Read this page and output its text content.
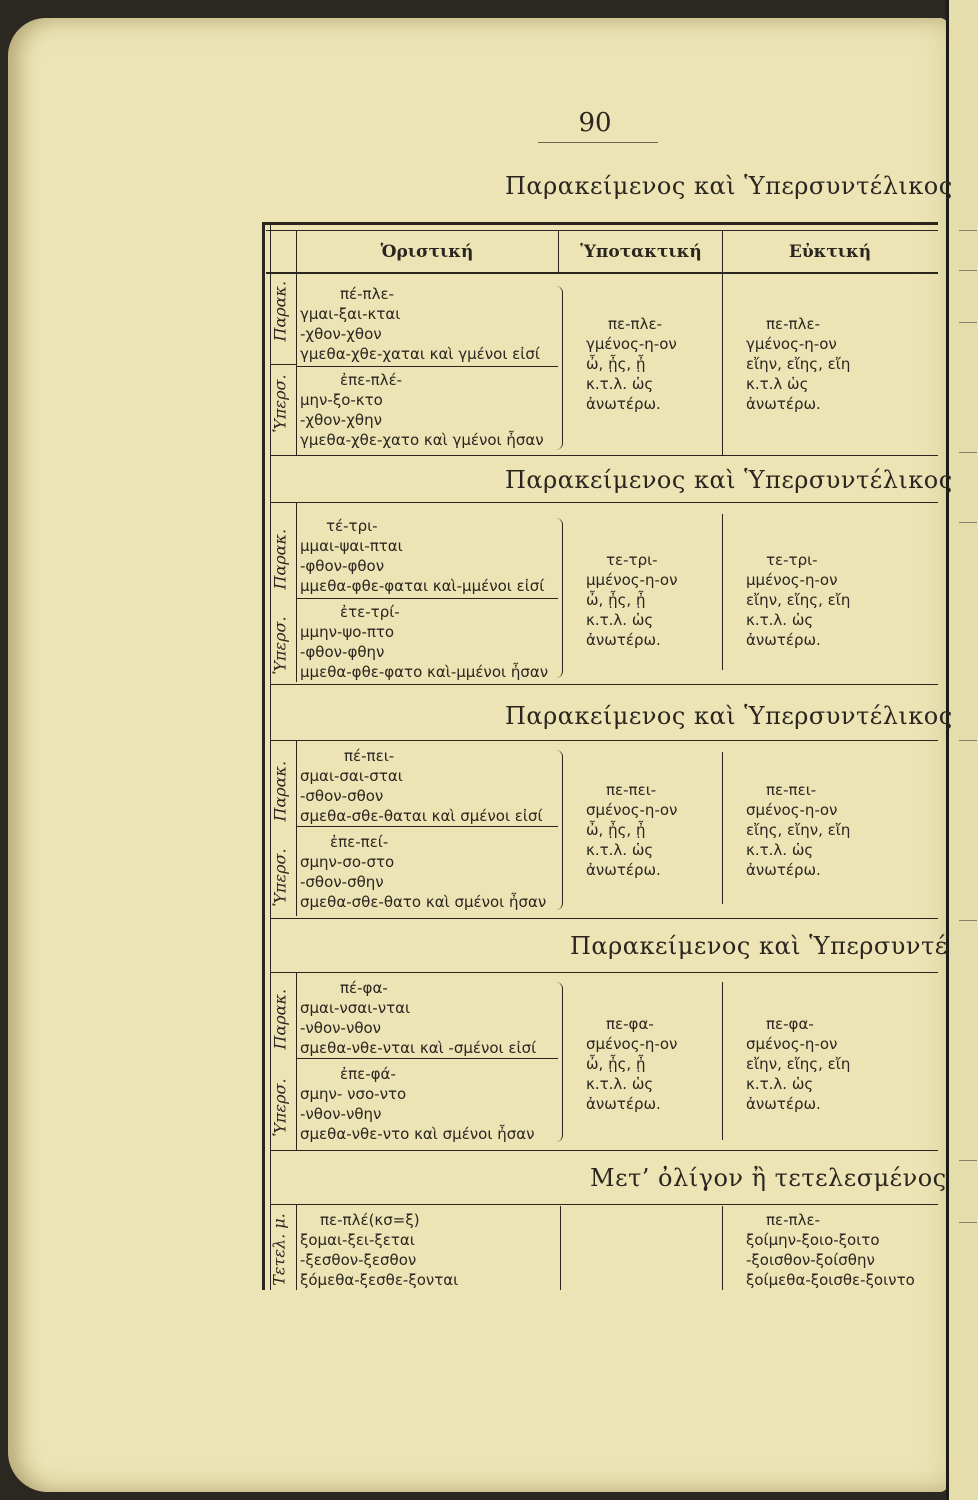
90
Παρακείμενος καὶ Ὑπερσυντέλικος
Ὁριστική	Ὑποτακτική	Εὐκτική
Παρακ.
Ὑπερσ.
πέ-πλε-
γμαι-ξαι-κται
-χθον-χθον
γμεθα-χθε-χαται καὶ γμένοι εἰσί
ἐπε-πλέ-
μην-ξο-κτο
-χθον-χθην
γμεθα-χθε-χατο καὶ γμένοι ἦσαν
πε-πλε-
γμένος-η-ον
ὦ, ᾖς, ᾖ
κ.τ.λ. ὡς
ἀνωτέρω.
πε-πλε-
γμένος-η-ον
εἴην, εἴης, εἴη
κ.τ.λ ὡς
ἀνωτέρω.
Παρακείμενος καὶ Ὑπερσυντέλικος
Παρακ.
Ὑπερσ.
τέ-τρι-
μμαι-ψαι-πται
-φθον-φθον
μμεθα-φθε-φαται καὶ-μμένοι εἰσί
ἐτε-τρί-
μμην-ψο-πτο
-φθον-φθην
μμεθα-φθε-φατο καὶ-μμένοι ἦσαν
τε-τρι-
μμένος-η-ον
ὦ, ᾖς, ᾖ
κ.τ.λ. ὡς
ἀνωτέρω.
τε-τρι-
μμένος-η-ον
εἴην, εἴης, εἴη
κ.τ.λ. ὡς
ἀνωτέρω.
Παρακείμενος καὶ Ὑπερσυντέλικος
Παρακ.
Ὑπερσ.
πέ-πει-
σμαι-σαι-σται
-σθον-σθον
σμεθα-σθε-θαται καὶ σμένοι εἰσί
ἐπε-πεί-
σμην-σο-στο
-σθον-σθην
σμεθα-σθε-θατο καὶ σμένοι ἦσαν
πε-πει-
σμένος-η-ον
ὦ, ᾖς, ᾖ
κ.τ.λ. ὡς
ἀνωτέρω.
πε-πει-
σμένος-η-ον
εἴης, εἴην, εἴη
κ.τ.λ. ὡς
ἀνωτέρω.
Παρακείμενος καὶ Ὑπερσυντέ
Παρακ.
Ὑπερσ.
πέ-φα-
σμαι-νσαι-νται
-νθον-νθον
σμεθα-νθε-νται καὶ -σμένοι εἰσί
ἐπε-φά-
σμην- νσο-ντο
-νθον-νθην
σμεθα-νθε-ντο καὶ σμένοι ἦσαν
πε-φα-
σμένος-η-ον
ὦ, ᾖς, ᾖ
κ.τ.λ. ὡς
ἀνωτέρω.
πε-φα-
σμένος-η-ον
εἴην, εἴης, εἴη
κ.τ.λ. ὡς
ἀνωτέρω.
Μετ’ ὀλίγον ἢ τετελεσμένος
Τετελ. μ. πε-πλέ(κσ=ξ)
ξομαι-ξει-ξεται
-ξεσθον-ξεσθον
ξόμεθα-ξεσθε-ξονται
πε-πλε-
ξοίμην-ξοιο-ξοιτο
-ξοισθον-ξοίσθην
ξοίμεθα-ξοισθε-ξοιντο
